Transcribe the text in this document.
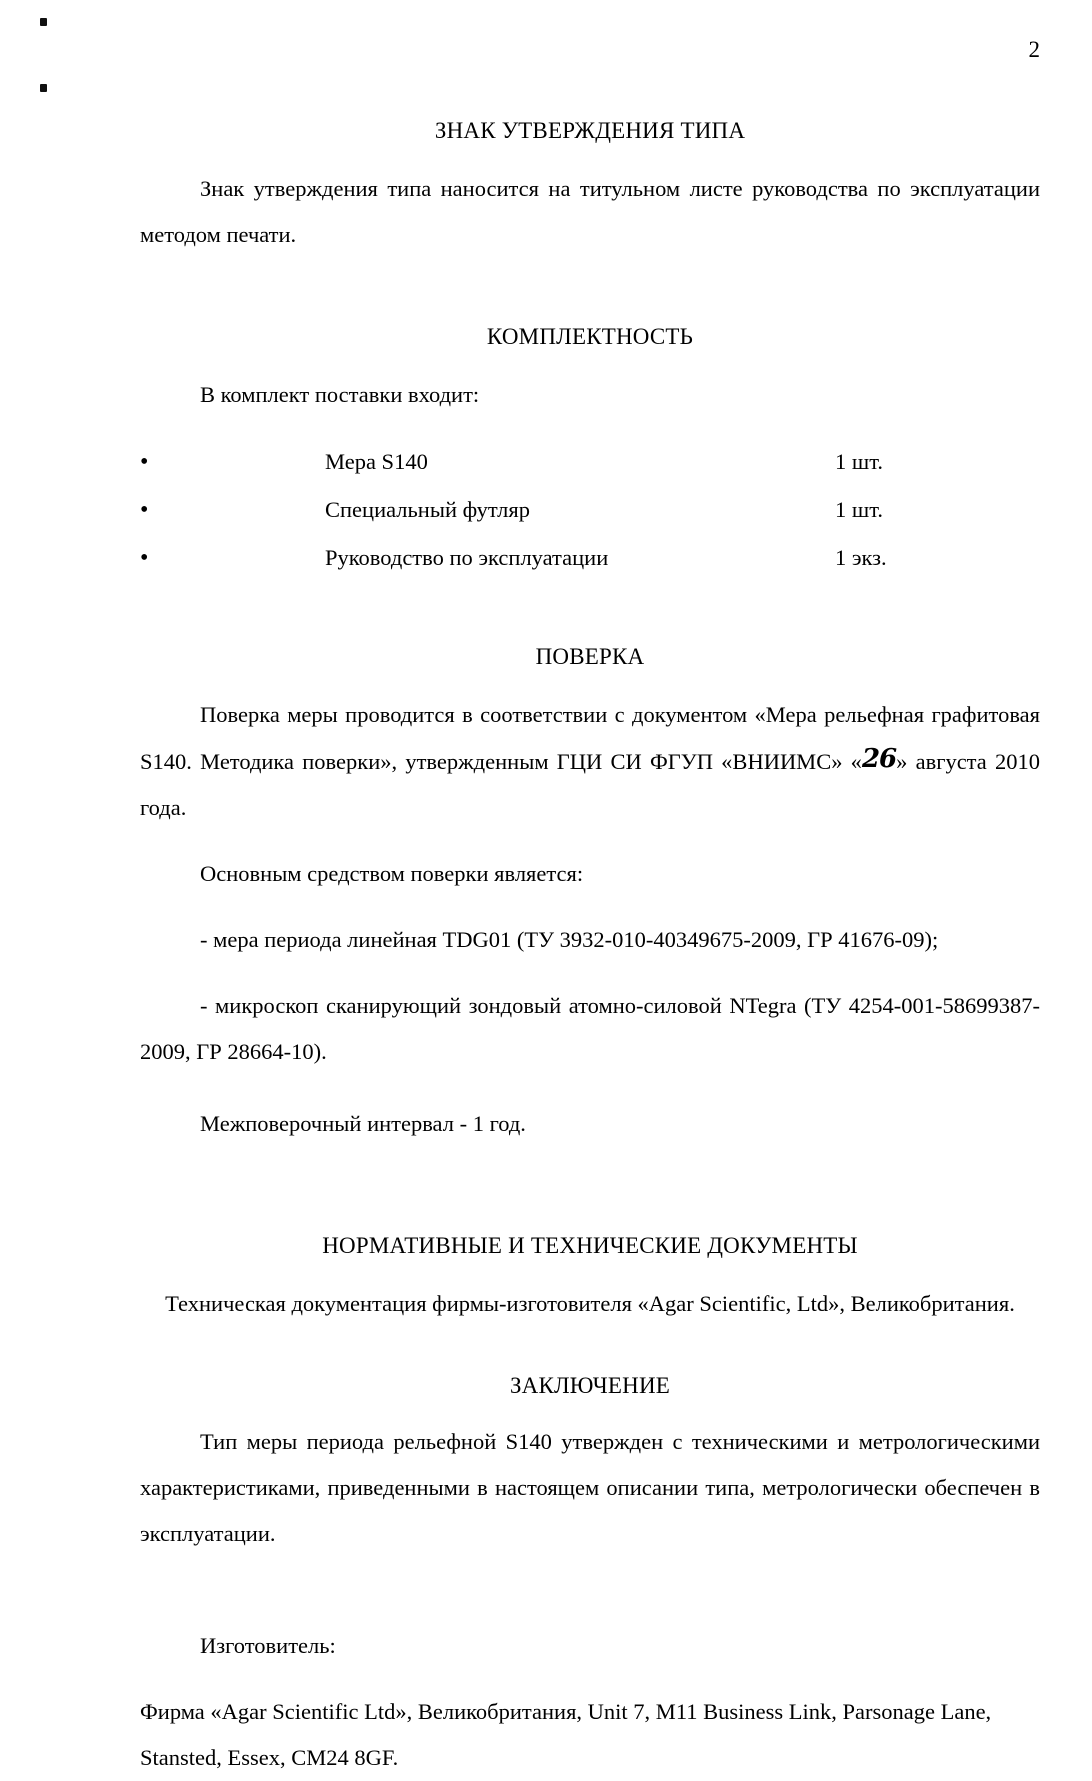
2
ЗНАК УТВЕРЖДЕНИЯ ТИПА

Знак утверждения типа наносится на титульном листе руководства по эксплуатации методом печати.

КОМПЛЕКТНОСТЬ

В комплект поставки входит:

•	Мера S140	1 шт.
•	Специальный футляр	1 шт.
•	Руководство по эксплуатации	1 экз.
ПОВЕРКА

Поверка меры проводится в соответствии с документом «Мера рельефная графитовая S140. Методика поверки», утвержденным ГЦИ СИ ФГУП «ВНИИМС» «26» августа 2010 года.

Основным средством поверки является:

- мера периода линейная TDG01 (ТУ 3932-010-40349675-2009, ГР 41676-09);

- микроскоп сканирующий зондовый атомно-силовой NTegra (ТУ 4254-001-58699387-2009, ГР 28664-10).

Межповерочный интервал - 1 год.

НОРМАТИВНЫЕ И ТЕХНИЧЕСКИЕ ДОКУМЕНТЫ

Техническая документация фирмы-изготовителя «Agar Scientific, Ltd», Великобритания.

ЗАКЛЮЧЕНИЕ

Тип меры периода рельефной S140 утвержден с техническими и метрологическими характеристиками, приведенными в настоящем описании типа, метрологически обеспечен в эксплуатации.

Изготовитель:

Фирма «Agar Scientific Ltd», Великобритания, Unit 7, M11 Business Link, Parsonage Lane, Stansted, Essex, CM24 8GF.
